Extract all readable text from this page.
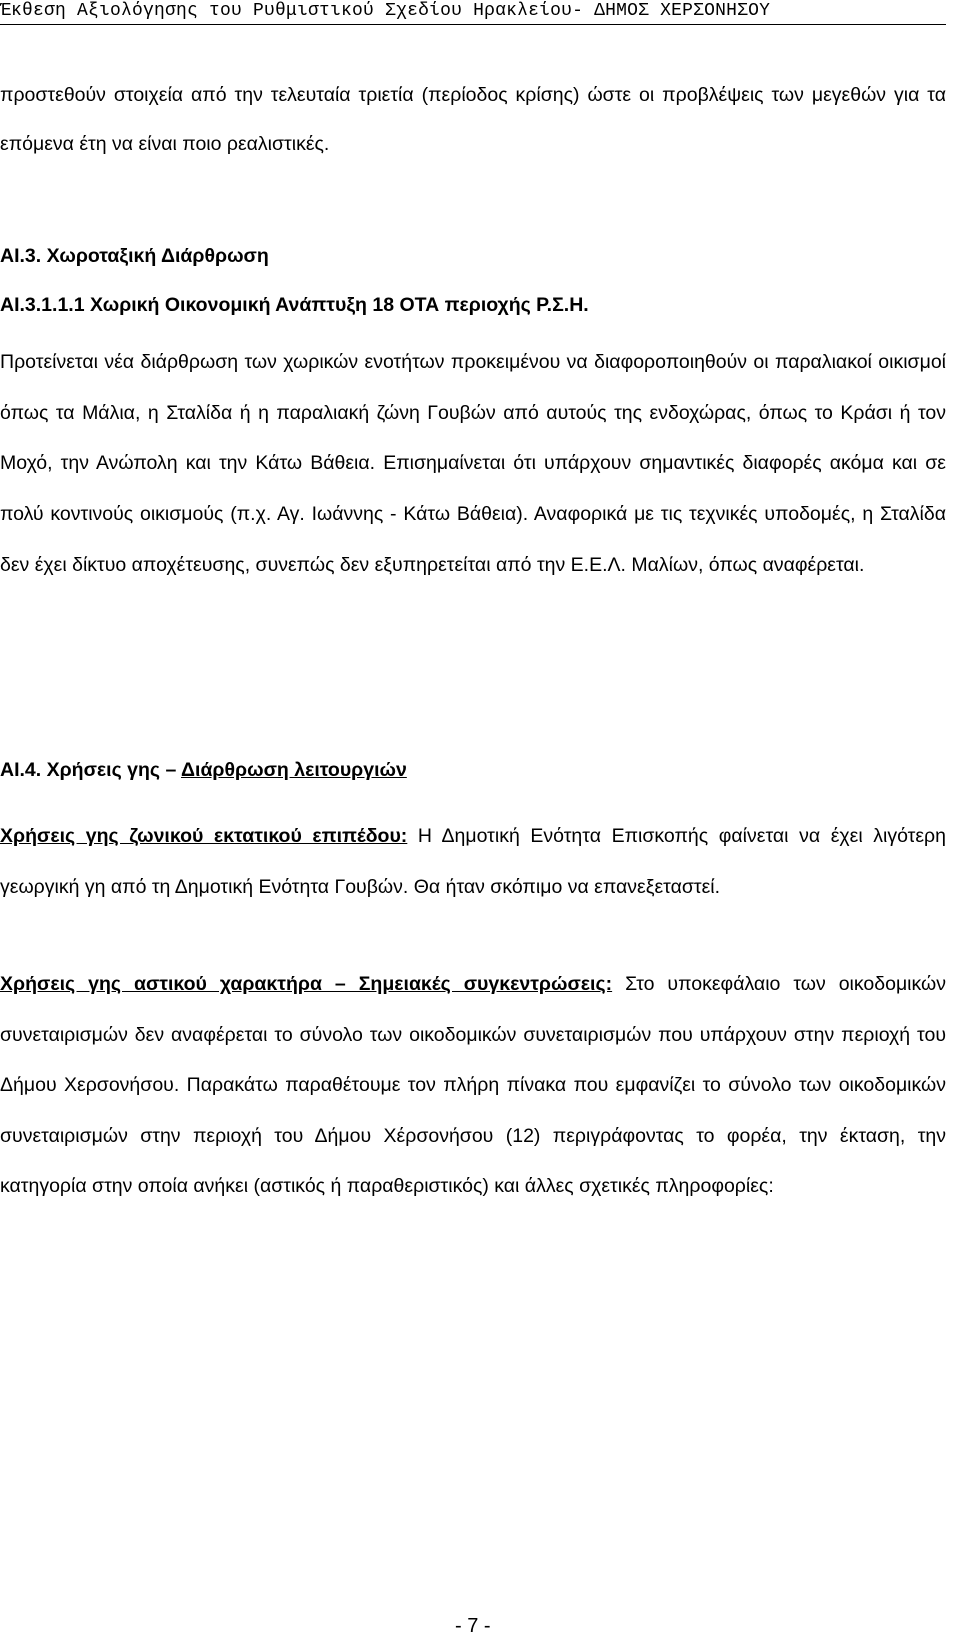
Έκθεση Αξιολόγησης του Ρυθμιστικού Σχεδίου Ηρακλείου- ΔΗΜΟΣ ΧΕΡΣΟΝΗΣΟΥ

προστεθούν στοιχεία από την τελευταία τριετία (περίοδος κρίσης) ώστε οι προβλέψεις των μεγεθών για τα επόμενα έτη να είναι ποιο ρεαλιστικές.

ΑΙ.3. Χωροταξική Διάρθρωση
ΑΙ.3.1.1.1 Χωρική Οικονομική Ανάπτυξη 18 ΟΤΑ περιοχής Ρ.Σ.Η.

Προτείνεται νέα διάρθρωση των χωρικών ενοτήτων προκειμένου να διαφοροποιηθούν οι παραλιακοί οικισμοί όπως τα Μάλια, η Σταλίδα ή η παραλιακή ζώνη Γουβών από αυτούς της ενδοχώρας, όπως το Κράσι ή τον Μοχό, την Ανώπολη και την Κάτω Βάθεια. Επισημαίνεται ότι υπάρχουν σημαντικές διαφορές ακόμα και σε πολύ κοντινούς οικισμούς (π.χ. Αγ. Ιωάννης - Κάτω Βάθεια). Αναφορικά με τις τεχνικές υποδομές, η Σταλίδα δεν έχει δίκτυο αποχέτευσης, συνεπώς δεν εξυπηρετείται από την Ε.Ε.Λ. Μαλίων, όπως αναφέρεται.

ΑΙ.4. Χρήσεις γης – Διάρθρωση λειτουργιών

Χρήσεις γης ζωνικού εκτατικού επιπέδου: Η Δημοτική Ενότητα Επισκοπής φαίνεται να έχει λιγότερη γεωργική γη από τη Δημοτική Ενότητα Γουβών. Θα ήταν σκόπιμο να επανεξεταστεί.

Χρήσεις γης αστικού χαρακτήρα – Σημειακές συγκεντρώσεις: Στο υποκεφάλαιο των οικοδομικών συνεταιρισμών δεν αναφέρεται το σύνολο των οικοδομικών συνεταιρισμών που υπάρχουν στην περιοχή του Δήμου Χερσονήσου. Παρακάτω παραθέτουμε τον πλήρη πίνακα που εμφανίζει το σύνολο των οικοδομικών συνεταιρισμών στην περιοχή του Δήμου Χέρσονήσου (12) περιγράφοντας το φορέα, την έκταση, την κατηγορία στην οποία ανήκει (αστικός ή παραθεριστικός) και άλλες σχετικές πληροφορίες:

- 7 -
